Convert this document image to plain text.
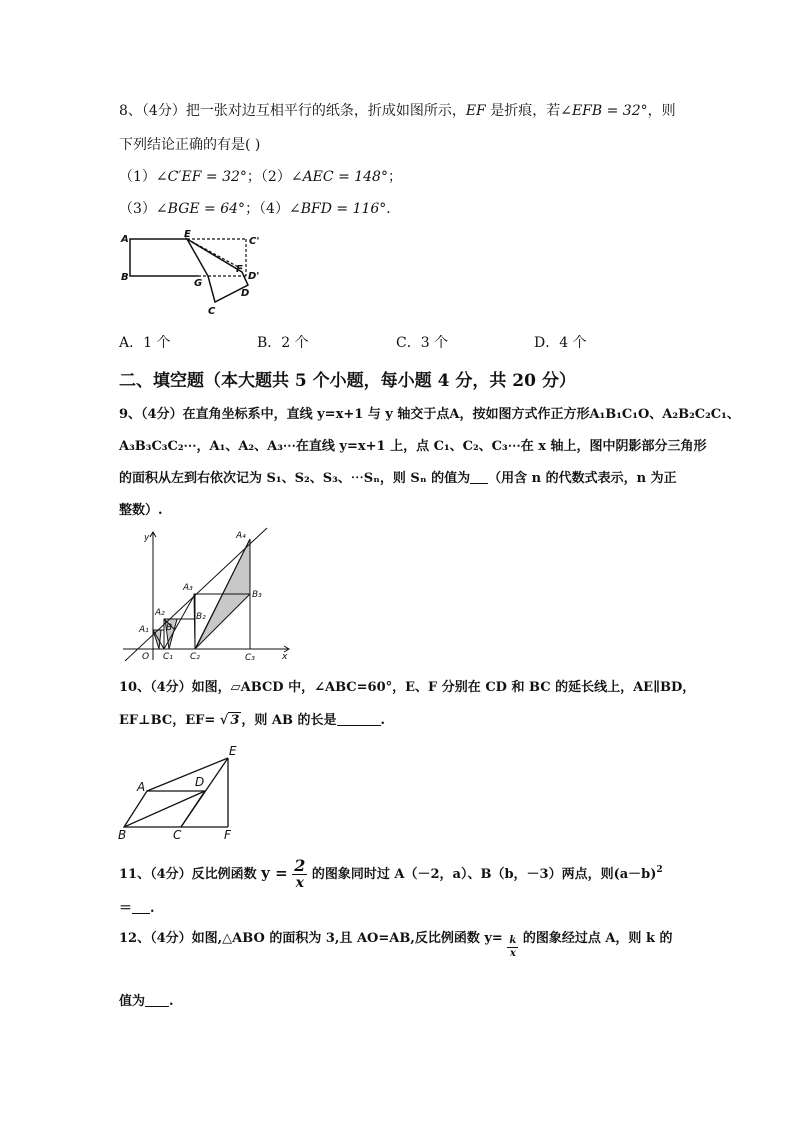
8、（4分）把一张对边互相平行的纸条，折成如图所示，EF 是折痕，若∠EFB = 32°，则
下列结论正确的有是( )
（1）∠C′EF = 32°；（2）∠AEC = 148°；
（3）∠BGE = 64°；（4）∠BFD = 116°．
A	E
C'
B
G
F
D'
D
C
A．1 个	B．2 个	C．3 个	D．4 个
二、填空题（本大题共 5 个小题，每小题 4 分，共 20 分）
9、（4分）在直角坐标系中，直线 y=x+1 与 y 轴交于点A，按如图方式作正方形A₁B₁C₁O、A₂B₂C₂C₁、
A₃B₃C₃C₂⋯，A₁、A₂、A₃⋯在直线 y=x+1 上，点 C₁、C₂、C₃⋯在 x 轴上，图中阴影部分三角形
的面积从左到右依次记为 S₁、S₂、S₃、⋯Sₙ，则 Sₙ 的值为 （用含 n 的代数式表示，n 为正
整数）.
y
x
O
A₁
A₂
A₃
A₄
B
B₂
B₃
C₁ C₂	C₃
10、（4分）如图，▱ABCD 中，∠ABC=60°，E、F 分别在 CD 和 BC 的延长线上，AE∥BD，
EF⊥BC，EF= √ 3 ，则 AB 的长是	.
A	D
E
B	C	F
11、（4分）反比例函数 $y = \frac{2}{x}$ 的图象同时过 A（－2，a）、B（b，－3）两点，则$(a-b)^2$
＝ .
12、（4分）如图,△ABO 的面积为 3,且 AO=AB,反比例函数 $y= \frac{k}{x}$ 的图象经过点 A，则 k 的
值为 .
